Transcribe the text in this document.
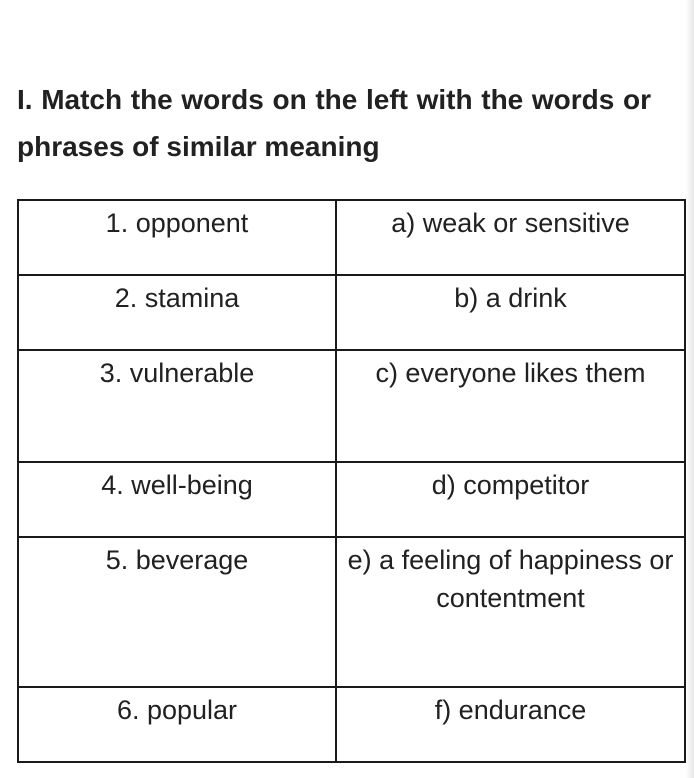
I. Match the words on the left with the words or phrases of similar meaning

1. opponent	a) weak or sensitive
2. stamina	b) a drink
3. vulnerable	c) everyone likes them
4. well-being	d) competitor
5. beverage	e) a feeling of happiness or contentment
6. popular	f) endurance
